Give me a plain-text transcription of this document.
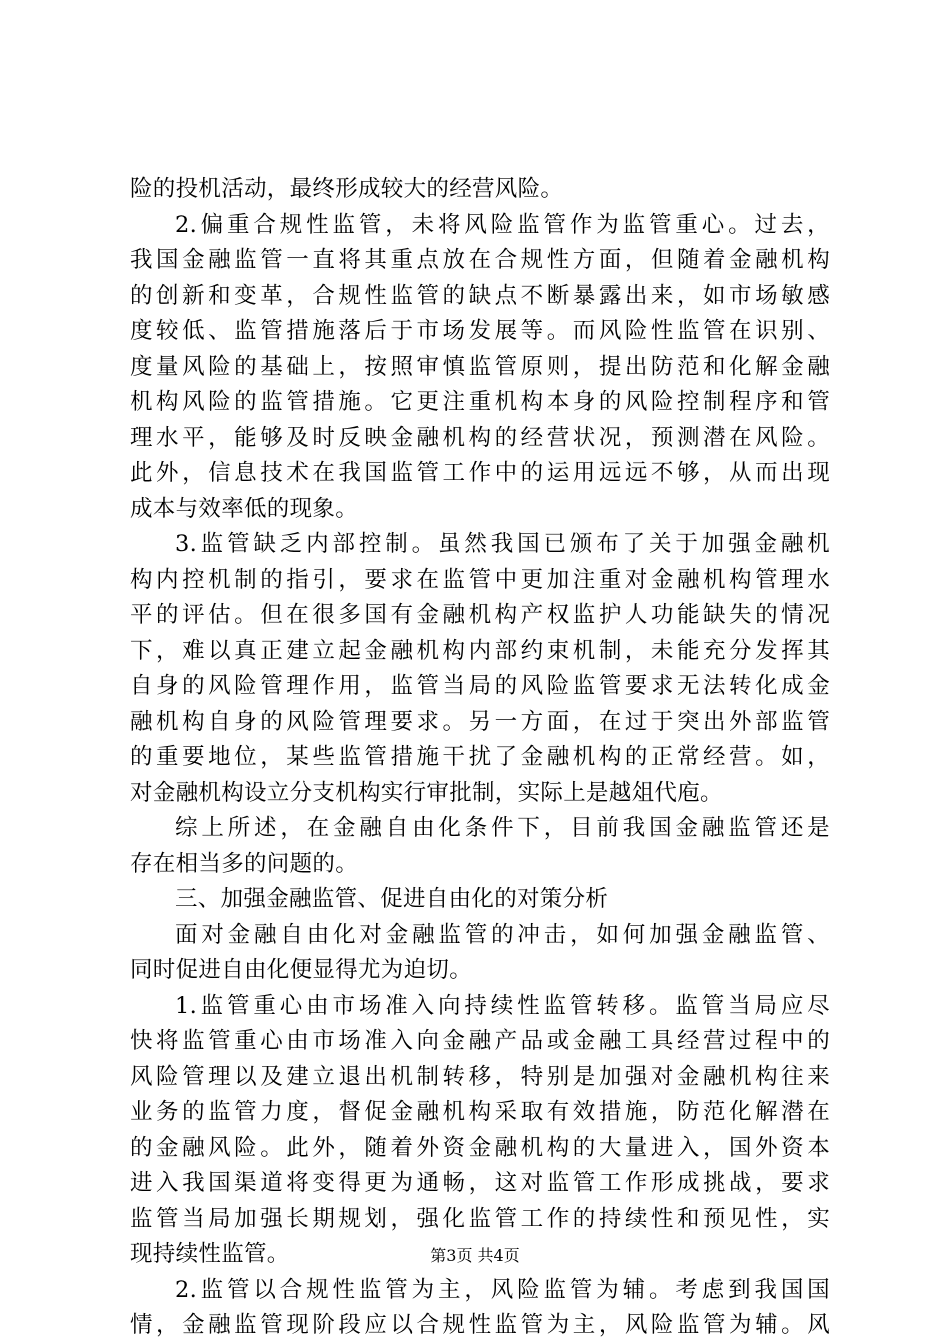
险的投机活动，最终形成较大的经营风险。
2.偏重合规性监管，未将风险监管作为监管重心。过去，
我国金融监管一直将其重点放在合规性方面，但随着金融机构
的创新和变革，合规性监管的缺点不断暴露出来，如市场敏感
度较低、监管措施落后于市场发展等。而风险性监管在识别、
度量风险的基础上，按照审慎监管原则，提出防范和化解金融
机构风险的监管措施。它更注重机构本身的风险控制程序和管
理水平，能够及时反映金融机构的经营状况，预测潜在风险。
此外，信息技术在我国监管工作中的运用远远不够，从而出现
成本与效率低的现象。
3.监管缺乏内部控制。虽然我国已颁布了关于加强金融机
构内控机制的指引，要求在监管中更加注重对金融机构管理水
平的评估。但在很多国有金融机构产权监护人功能缺失的情况
下，难以真正建立起金融机构内部约束机制，未能充分发挥其
自身的风险管理作用，监管当局的风险监管要求无法转化成金
融机构自身的风险管理要求。另一方面，在过于突出外部监管
的重要地位，某些监管措施干扰了金融机构的正常经营。如，
对金融机构设立分支机构实行审批制，实际上是越俎代庖。
综上所述，在金融自由化条件下，目前我国金融监管还是
存在相当多的问题的。
三、加强金融监管、促进自由化的对策分析
面对金融自由化对金融监管的冲击，如何加强金融监管、
同时促进自由化便显得尤为迫切。
1.监管重心由市场准入向持续性监管转移。监管当局应尽
快将监管重心由市场准入向金融产品或金融工具经营过程中的
风险管理以及建立退出机制转移，特别是加强对金融机构往来
业务的监管力度，督促金融机构采取有效措施，防范化解潜在
的金融风险。此外，随着外资金融机构的大量进入，国外资本
进入我国渠道将变得更为通畅，这对监管工作形成挑战，要求
监管当局加强长期规划，强化监管工作的持续性和预见性，实
现持续性监管。
2.监管以合规性监管为主，风险监管为辅。考虑到我国国
情，金融监管现阶段应以合规性监管为主，风险监管为辅。风
第3页 共4页
